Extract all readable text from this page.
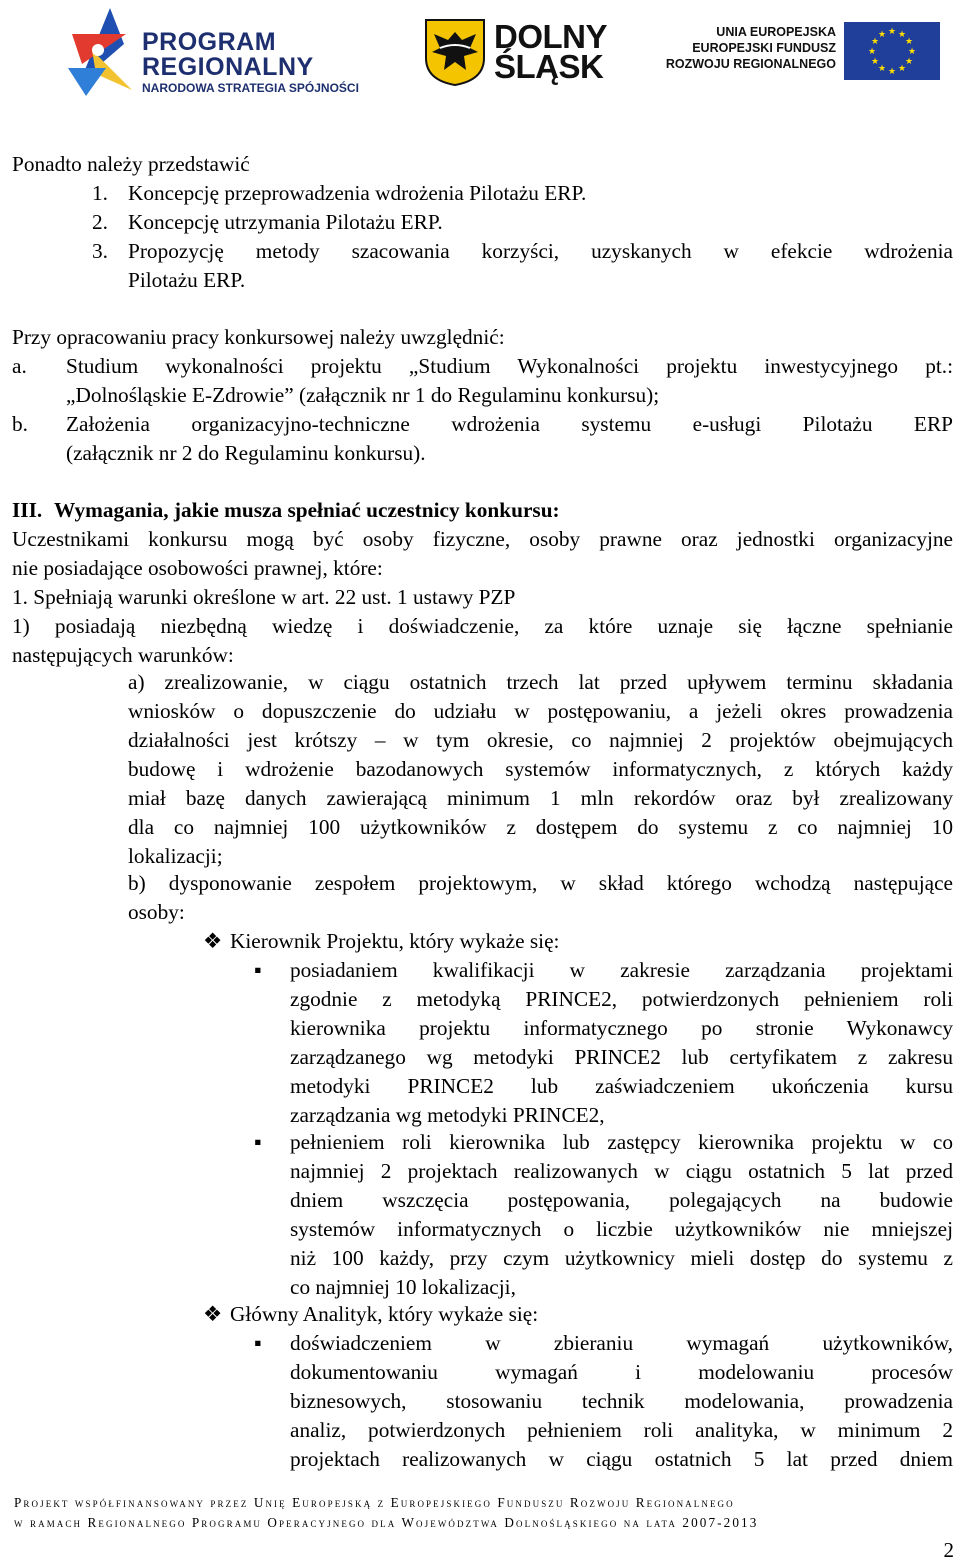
PROGRAM
REGIONALNY
NARODOWA STRATEGIA SPÓJNOŚCI
DOLNY
ŚLĄSK
UNIA EUROPEJSKA
EUROPEJSKI FUNDUSZ
ROZWOJU REGIONALNEGO
★ ★
★
★
★
★
★
★
★
★
★
★
Ponadto należy przedstawić
1. Koncepcję przeprowadzenia wdrożenia Pilotażu ERP.
2. Koncepcję utrzymania Pilotażu ERP.
3. Propozycję metody szacowania korzyści, uzyskanych w efekcie wdrożenia
Pilotażu ERP.
Przy opracowaniu pracy konkursowej należy uwzględnić:
a. Studium wykonalności projektu „Studium Wykonalności projektu inwestycyjnego pt.:
„Dolnośląskie E-Zdrowie” (załącznik nr 1 do Regulaminu konkursu);
b. Założenia organizacyjno-techniczne wdrożenia systemu e-usługi Pilotażu ERP
(załącznik nr 2 do Regulaminu konkursu).
III. Wymagania, jakie musza spełniać uczestnicy konkursu:
Uczestnikami konkursu mogą być osoby fizyczne, osoby prawne oraz jednostki organizacyjne
nie posiadające osobowości prawnej, które:
1. Spełniają warunki określone w art. 22 ust. 1 ustawy PZP
1) posiadają niezbędną wiedzę i doświadczenie, za które uznaje się łączne spełnianie
następujących warunków:
a) zrealizowanie, w ciągu ostatnich trzech lat przed upływem terminu składania
wniosków o dopuszczenie do udziału w postępowaniu, a jeżeli okres prowadzenia
działalności jest krótszy – w tym okresie, co najmniej 2 projektów obejmujących
budowę i wdrożenie bazodanowych systemów informatycznych, z których każdy
miał bazę danych zawierającą minimum 1 mln rekordów oraz był zrealizowany
dla co najmniej 100 użytkowników z dostępem do systemu z co najmniej 10
lokalizacji;
b) dysponowanie zespołem projektowym, w skład którego wchodzą następujące
osoby:
❖ Kierownik Projektu, który wykaże się:
▪ posiadaniem kwalifikacji w zakresie zarządzania projektami
zgodnie z metodyką PRINCE2, potwierdzonych pełnieniem roli
kierownika projektu informatycznego po stronie Wykonawcy
zarządzanego wg metodyki PRINCE2 lub certyfikatem z zakresu
metodyki PRINCE2 lub zaświadczeniem ukończenia kursu
zarządzania wg metodyki PRINCE2,
▪ pełnieniem roli kierownika lub zastępcy kierownika projektu w co
najmniej 2 projektach realizowanych w ciągu ostatnich 5 lat przed
dniem wszczęcia postępowania, polegających na budowie
systemów informatycznych o liczbie użytkowników nie mniejszej
niż 100 każdy, przy czym użytkownicy mieli dostęp do systemu z
co najmniej 10 lokalizacji,
❖ Główny Analityk, który wykaże się:
▪ doświadczeniem w zbieraniu wymagań użytkowników,
dokumentowaniu wymagań i modelowaniu procesów
biznesowych, stosowaniu technik modelowania, prowadzenia
analiz, potwierdzonych pełnieniem roli analityka, w minimum 2
projektach realizowanych w ciągu ostatnich 5 lat przed dniem
Projekt współfinansowany przez Unię Europejską z Europejskiego Funduszu Rozwoju Regionalnego
w ramach Regionalnego Programu Operacyjnego dla Województwa Dolnośląskiego na lata 2007-2013
2
